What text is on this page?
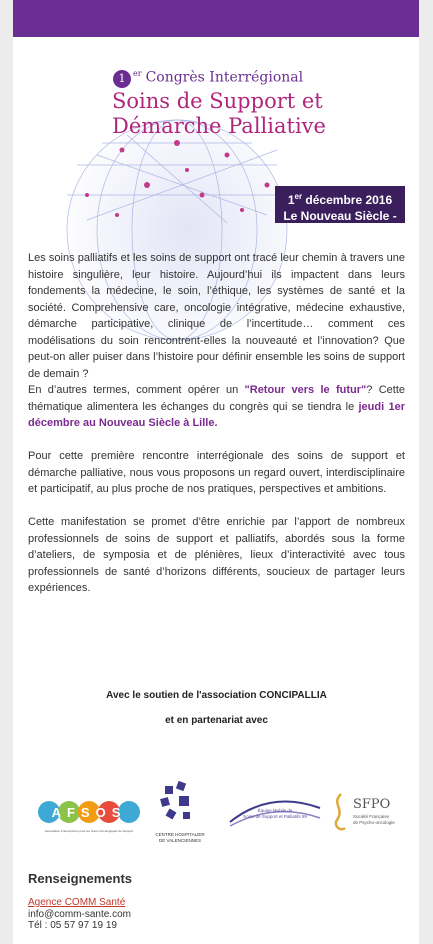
1 $^{er}$ Congrès Interrégional
Soins de Support et
Démarche Palliative
1er décembre 2016
Le Nouveau Siècle - Lille

Les soins palliatifs et les soins de support ont tracé leur chemin à travers une histoire singulière, leur histoire. Aujourd’hui ils impactent dans leurs fondements la médecine, le soin, l’éthique, les systèmes de santé et la société. Comprehensive care, oncologie intégrative, médecine exhaustive, démarche participative, clinique de l’incertitude… comment ces modélisations du soin rencontrent-elles la nouveauté et l’innovation? Que peut-on aller puiser dans l’histoire pour définir ensemble les soins de support de demain ?

En d’autres termes, comment opérer un "Retour vers le futur"? Cette thématique alimentera les échanges du congrès qui se tiendra le jeudi 1er décembre au Nouveau Siècle à Lille.

Pour cette première rencontre interrégionale des soins de support et démarche palliative, nous vous proposons un regard ouvert, interdisciplinaire et participatif, au plus proche de nos pratiques, perspectives et ambitions.

Cette manifestation se promet d’être enrichie par l’apport de nombreux professionnels de soins de support et palliatifs, abordés sous la forme d’ateliers, de symposia et de plénières, lieux d’interactivité avec tous professionnels de santé d’horizons différents, soucieux de partager leurs expériences.

Avec le soutien de l'association CONCIPALLIA
et en partenariat avec
AFSOS
Association Francophone pour les Soins Oncologiques de Support
CENTRE HOSPITALIER
DE VALENCIENNES
Équipe Mobile de
Soins de Support et Palliatifs 59
SFPO
Société Française
de Psycho-oncologie
Renseignements
Agence COMM Santé
info@comm-sante.com
Tél : 05 57 97 19 19
